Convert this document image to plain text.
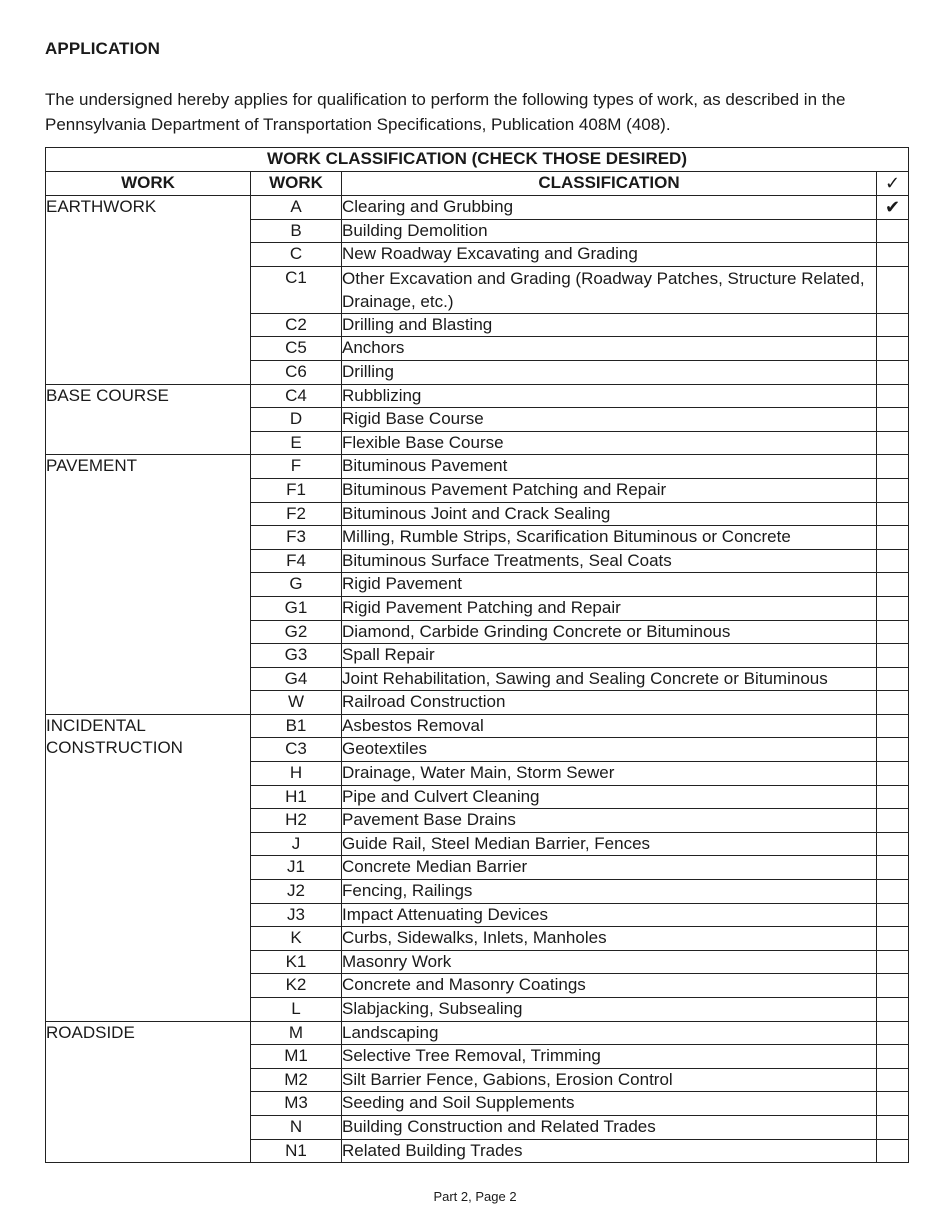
APPLICATION
The undersigned hereby applies for qualification to perform the following types of work, as described in the Pennsylvania Department of Transportation Specifications, Publication 408M (408).
WORK CLASSIFICATION (CHECK THOSE DESIRED)			
WORK	WORK	CLASSIFICATION	✓
EARTHWORK	A	Clearing and Grubbing	✔
	B	Building Demolition	
	C	New Roadway Excavating and Grading	
	C1	Other Excavation and Grading (Roadway Patches, Structure Related, Drainage, etc.)	
	C2	Drilling and Blasting	
	C5	Anchors	
	C6	Drilling	
BASE COURSE	C4	Rubblizing	
	D	Rigid Base Course	
	E	Flexible Base Course	
PAVEMENT	F	Bituminous Pavement	
	F1	Bituminous Pavement Patching and Repair	
	F2	Bituminous Joint and Crack Sealing	
	F3	Milling, Rumble Strips, Scarification Bituminous or Concrete	
	F4	Bituminous Surface Treatments, Seal Coats	
	G	Rigid Pavement	
	G1	Rigid Pavement Patching and Repair	
	G2	Diamond, Carbide Grinding Concrete or Bituminous	
	G3	Spall Repair	
	G4	Joint Rehabilitation, Sawing and Sealing Concrete or Bituminous	
	W	Railroad Construction	
INCIDENTAL CONSTRUCTION	B1	Asbestos Removal	
	C3	Geotextiles	
	H	Drainage, Water Main, Storm Sewer	
	H1	Pipe and Culvert Cleaning	
	H2	Pavement Base Drains	
	J	Guide Rail, Steel Median Barrier, Fences	
	J1	Concrete Median Barrier	
	J2	Fencing, Railings	
	J3	Impact Attenuating Devices	
	K	Curbs, Sidewalks, Inlets, Manholes	
	K1	Masonry Work	
	K2	Concrete and Masonry Coatings	
	L	Slabjacking, Subsealing	
ROADSIDE	M	Landscaping	
	M1	Selective Tree Removal, Trimming	
	M2	Silt Barrier Fence, Gabions, Erosion Control	
	M3	Seeding and Soil Supplements	
	N	Building Construction and Related Trades	
	N1	Related Building Trades	
Part 2, Page 2
